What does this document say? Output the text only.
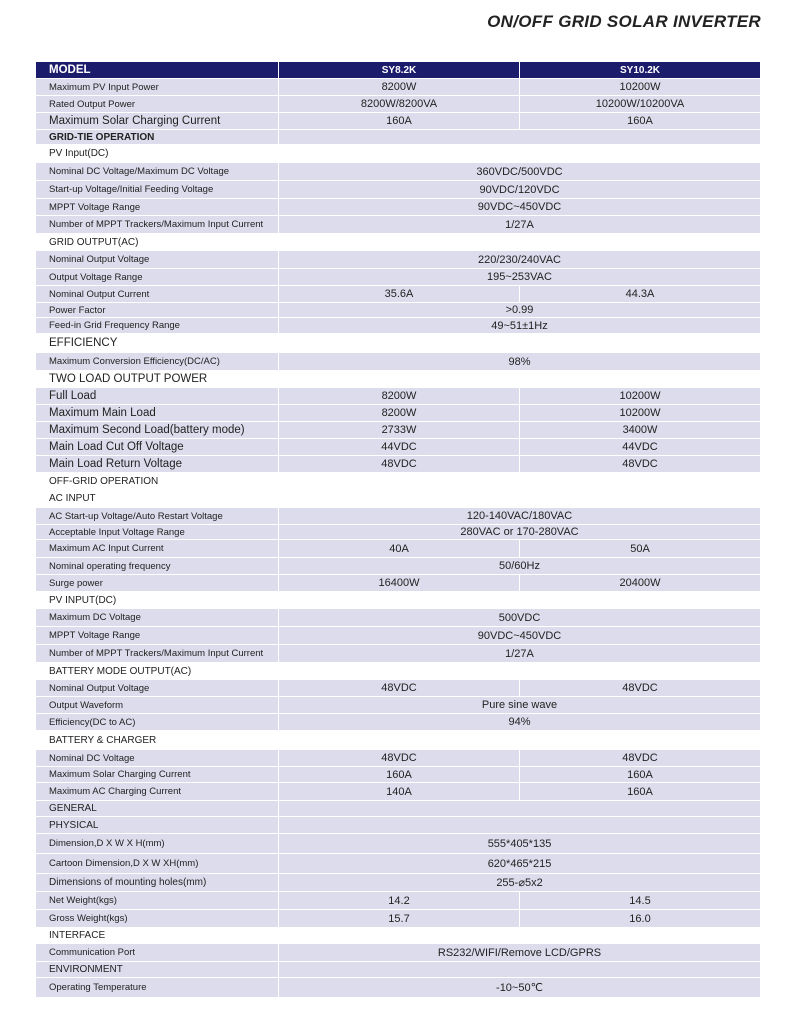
ON/OFF GRID SOLAR INVERTER
MODEL	SY8.2K	SY10.2K
Maximum PV Input Power	8200W	10200W
Rated Output Power	8200W/8200VA	10200W/10200VA
Maximum Solar Charging Current	160A	160A
GRID-TIE OPERATION
PV Input(DC)
Nominal DC Voltage/Maximum DC Voltage	360VDC/500VDC
Start-up Voltage/Initial Feeding Voltage	90VDC/120VDC
MPPT Voltage Range	90VDC~450VDC
Number of MPPT Trackers/Maximum Input Current	1/27A
GRID OUTPUT(AC)
Nominal Output Voltage	220/230/240VAC
Output Voltage Range	195~253VAC
Nominal Output Current	35.6A	44.3A
Power Factor	>0.99
Feed-in Grid Frequency Range	49~51±1Hz
EFFICIENCY
Maximum Conversion Efficiency(DC/AC)	98%
TWO LOAD OUTPUT POWER
Full Load	8200W	10200W
Maximum Main Load	8200W	10200W
Maximum Second Load(battery mode)	2733W	3400W
Main Load Cut Off Voltage	44VDC	44VDC
Main Load Return Voltage	48VDC	48VDC
OFF-GRID OPERATION
AC INPUT
AC Start-up Voltage/Auto Restart Voltage	120-140VAC/180VAC
Acceptable Input Voltage Range	280VAC or 170-280VAC
Maximum AC Input Current	40A	50A
Nominal operating frequency	50/60Hz
Surge power	16400W	20400W
PV INPUT(DC)
Maximum DC Voltage	500VDC
MPPT Voltage Range	90VDC~450VDC
Number of MPPT Trackers/Maximum Input Current	1/27A
BATTERY MODE OUTPUT(AC)
Nominal Output Voltage	48VDC	48VDC
Output Waveform	Pure sine wave
Efficiency(DC to AC)	94%
BATTERY & CHARGER
Nominal DC Voltage	48VDC	48VDC
Maximum Solar Charging Current	160A	160A
Maximum AC Charging Current	140A	160A
GENERAL
PHYSICAL
Dimension,D X W X H(mm)	555*405*135
Cartoon Dimension,D X W XH(mm)	620*465*215
Dimensions of mounting holes(mm)	255-⌀5x2
Net Weight(kgs)	14.2	14.5
Gross Weight(kgs)	15.7	16.0
INTERFACE
Communication Port	RS232/WIFI/Remove LCD/GPRS
ENVIRONMENT
Operating Temperature	-10~50℃
